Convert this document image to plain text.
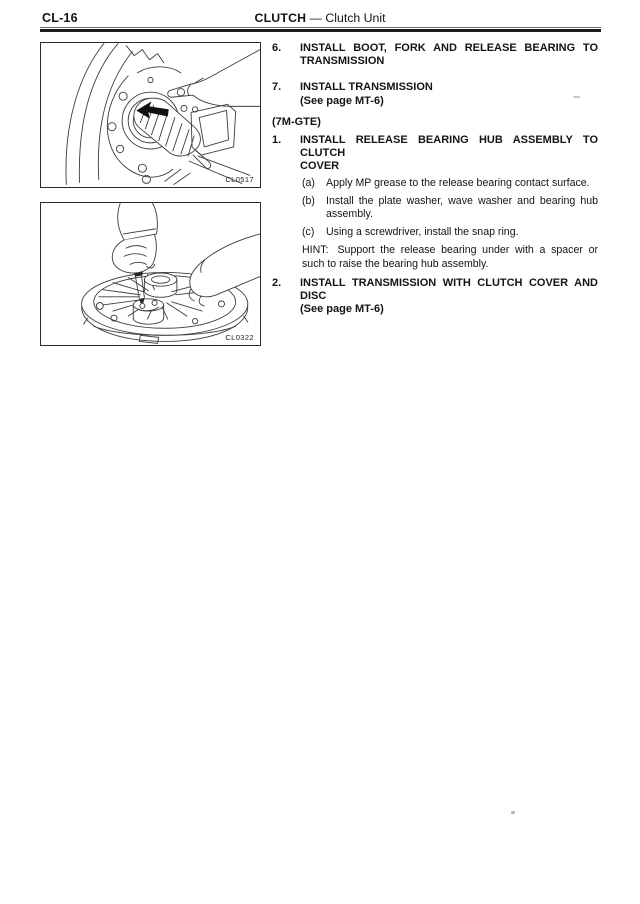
CL-16	CLUTCH — Clutch Unit
CL0517
CL0322
6.	INSTALL BOOT, FORK AND RELEASE BEARING TO
TRANSMISSION
7.	INSTALL TRANSMISSION
(See page MT-6)
(7M-GTE)
1.	INSTALL RELEASE BEARING HUB ASSEMBLY TO CLUTCH
COVER
(a)	Apply MP grease to the release bearing contact surface.
(b)	Install the plate washer, wave washer and bearing hub assembly.
(c)	Using a screwdriver, install the snap ring.
HINT: Support the release bearing under with a spacer or such to raise the bearing hub assembly.
2.	INSTALL TRANSMISSION WITH CLUTCH COVER AND
DISC
(See page MT-6)
